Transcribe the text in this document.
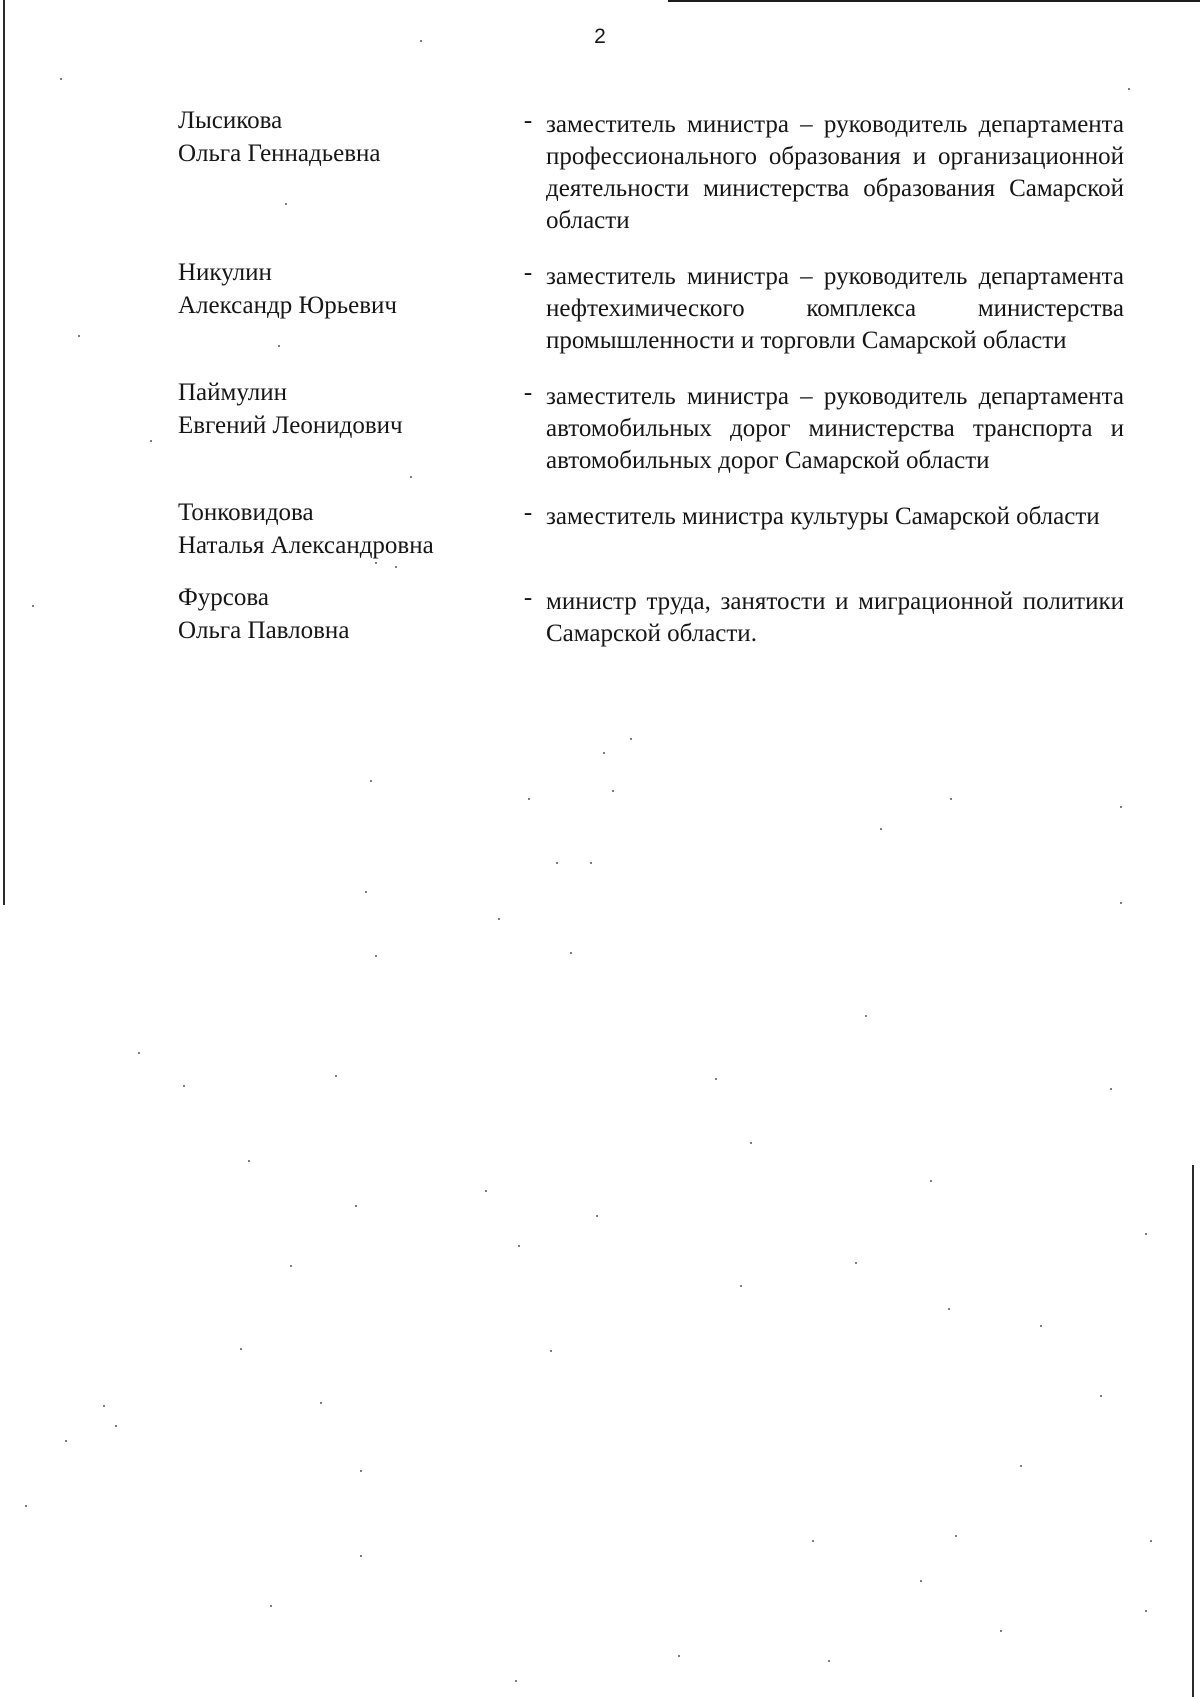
2
Лысикова
Ольга Геннадьевна
- заместитель министра – руководитель департамента профессионального образования и организационной деятельности министерства образования Самарской области
Никулин
Александр Юрьевич
- заместитель министра – руководитель департамента нефтехимического комплекса министерства промышленности и торговли Самарской области
Паймулин
Евгений Леонидович
- заместитель министра – руководитель департамента автомобильных дорог министерства транспорта и автомобильных дорог Самарской области
Тонковидова
Наталья Александровна
- заместитель министра культуры Самарской области
Фурсова
Ольга Павловна
- министр труда, занятости и миграционной политики Самарской области.
